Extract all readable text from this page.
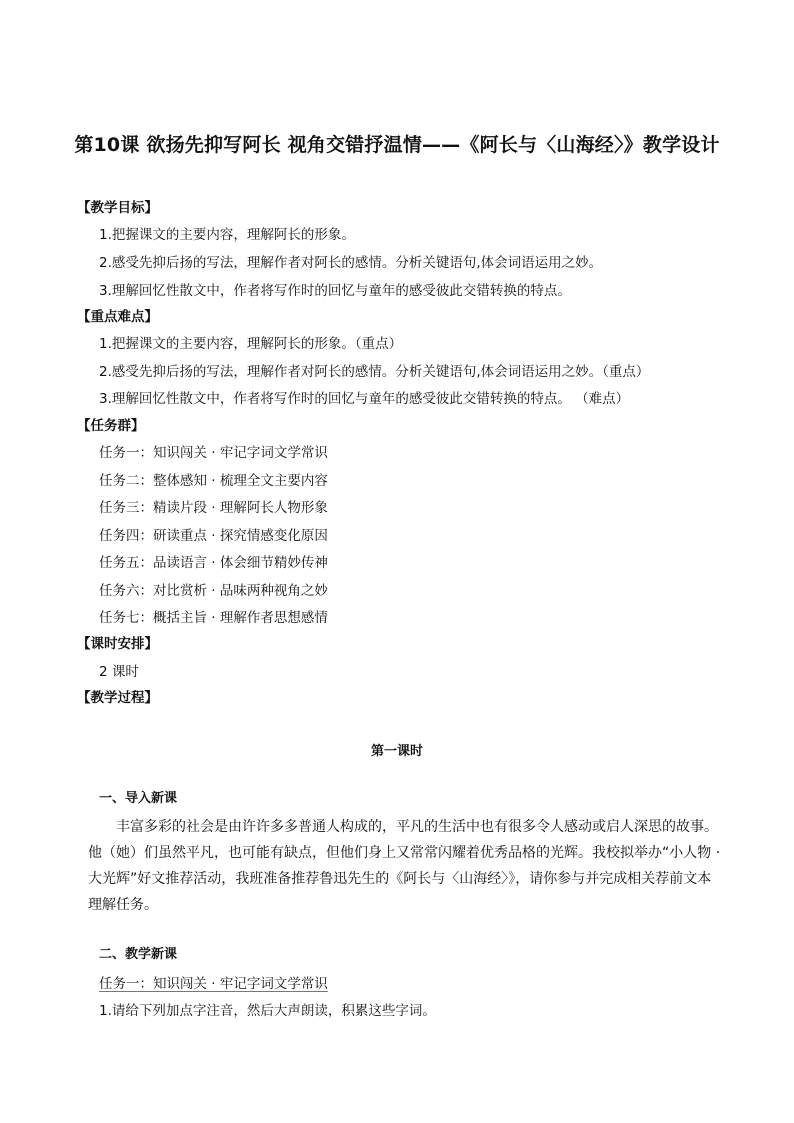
第10课 欲扬先抑写阿长 视角交错抒温情——《阿长与〈山海经〉》教学设计
【教学目标】
1.把握课文的主要内容，理解阿长的形象。
2.感受先抑后扬的写法，理解作者对阿长的感情。分析关键语句,体会词语运用之妙。
3.理解回忆性散文中，作者将写作时的回忆与童年的感受彼此交错转换的特点。
【重点难点】
1.把握课文的主要内容，理解阿长的形象。（重点）
2.感受先抑后扬的写法，理解作者对阿长的感情。分析关键语句,体会词语运用之妙。（重点）
3.理解回忆性散文中，作者将写作时的回忆与童年的感受彼此交错转换的特点。 （难点）
【任务群】
任务一：知识闯关 · 牢记字词文学常识
任务二：整体感知 · 梳理全文主要内容
任务三：精读片段 · 理解阿长人物形象
任务四：研读重点 · 探究情感变化原因
任务五：品读语言 · 体会细节精妙传神
任务六：对比赏析 · 品味两种视角之妙
任务七：概括主旨 · 理解作者思想感情
【课时安排】
2 课时
【教学过程】
第一课时
一、导入新课
丰富多彩的社会是由许许多多普通人构成的，平凡的生活中也有很多令人感动或启人深思的故事。他（她）们虽然平凡，也可能有缺点，但他们身上又常常闪耀着优秀品格的光辉。我校拟举办“小人物 · 大光辉”好文推荐活动，我班准备推荐鲁迅先生的《阿长与〈山海经〉》，请你参与并完成相关荐前文本理解任务。
二、教学新课
任务一：知识闯关 · 牢记字词文学常识
1.请给下列加点字注音，然后大声朗读，积累这些字词。
